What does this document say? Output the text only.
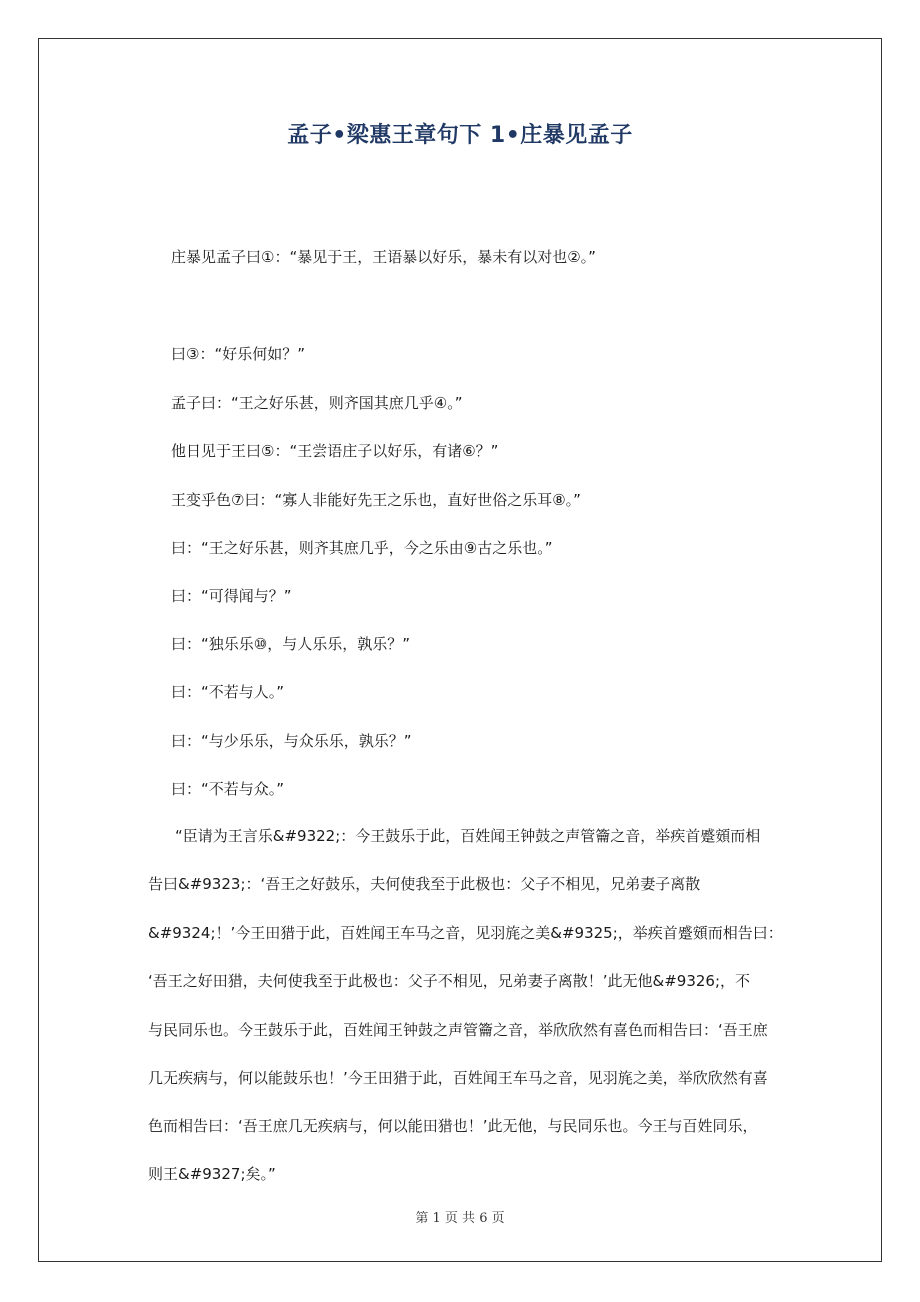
孟子•梁惠王章句下 1•庄暴见孟子
庄暴见孟子曰①：“暴见于王，王语暴以好乐，暴未有以对也②。”
曰③：“好乐何如？”
孟子曰：“王之好乐甚，则齐国其庶几乎④。”
他日见于王曰⑤：“王尝语庄子以好乐，有诸⑥？”
王变乎色⑦曰：“寡人非能好先王之乐也，直好世俗之乐耳⑧。”
曰：“王之好乐甚，则齐其庶几乎，今之乐由⑨古之乐也。”
曰：“可得闻与？”
曰：“独乐乐⑩，与人乐乐，孰乐？”
曰：“不若与人。”
曰：“与少乐乐，与众乐乐，孰乐？”
曰：“不若与众。”
“臣请为王言乐&#9322;：今王鼓乐于此，百姓闻王钟鼓之声管籥之音，举疾首蹙頞而相
告曰&#9323;：‘吾王之好鼓乐，夫何使我至于此极也：父子不相见，兄弟妻子离散
&#9324;！’今王田猎于此，百姓闻王车马之音，见羽旄之美&#9325;，举疾首蹙頞而相告曰：
‘吾王之好田猎，夫何使我至于此极也：父子不相见，兄弟妻子离散！’此无他&#9326;，不
与民同乐也。今王鼓乐于此，百姓闻王钟鼓之声管籥之音，举欣欣然有喜色而相告曰：‘吾王庶
几无疾病与，何以能鼓乐也！’今王田猎于此，百姓闻王车马之音，见羽旄之美，举欣欣然有喜
色而相告曰：‘吾王庶几无疾病与，何以能田猎也！’此无他，与民同乐也。今王与百姓同乐，
则王&#9327;矣。”
第 1 页 共 6 页
